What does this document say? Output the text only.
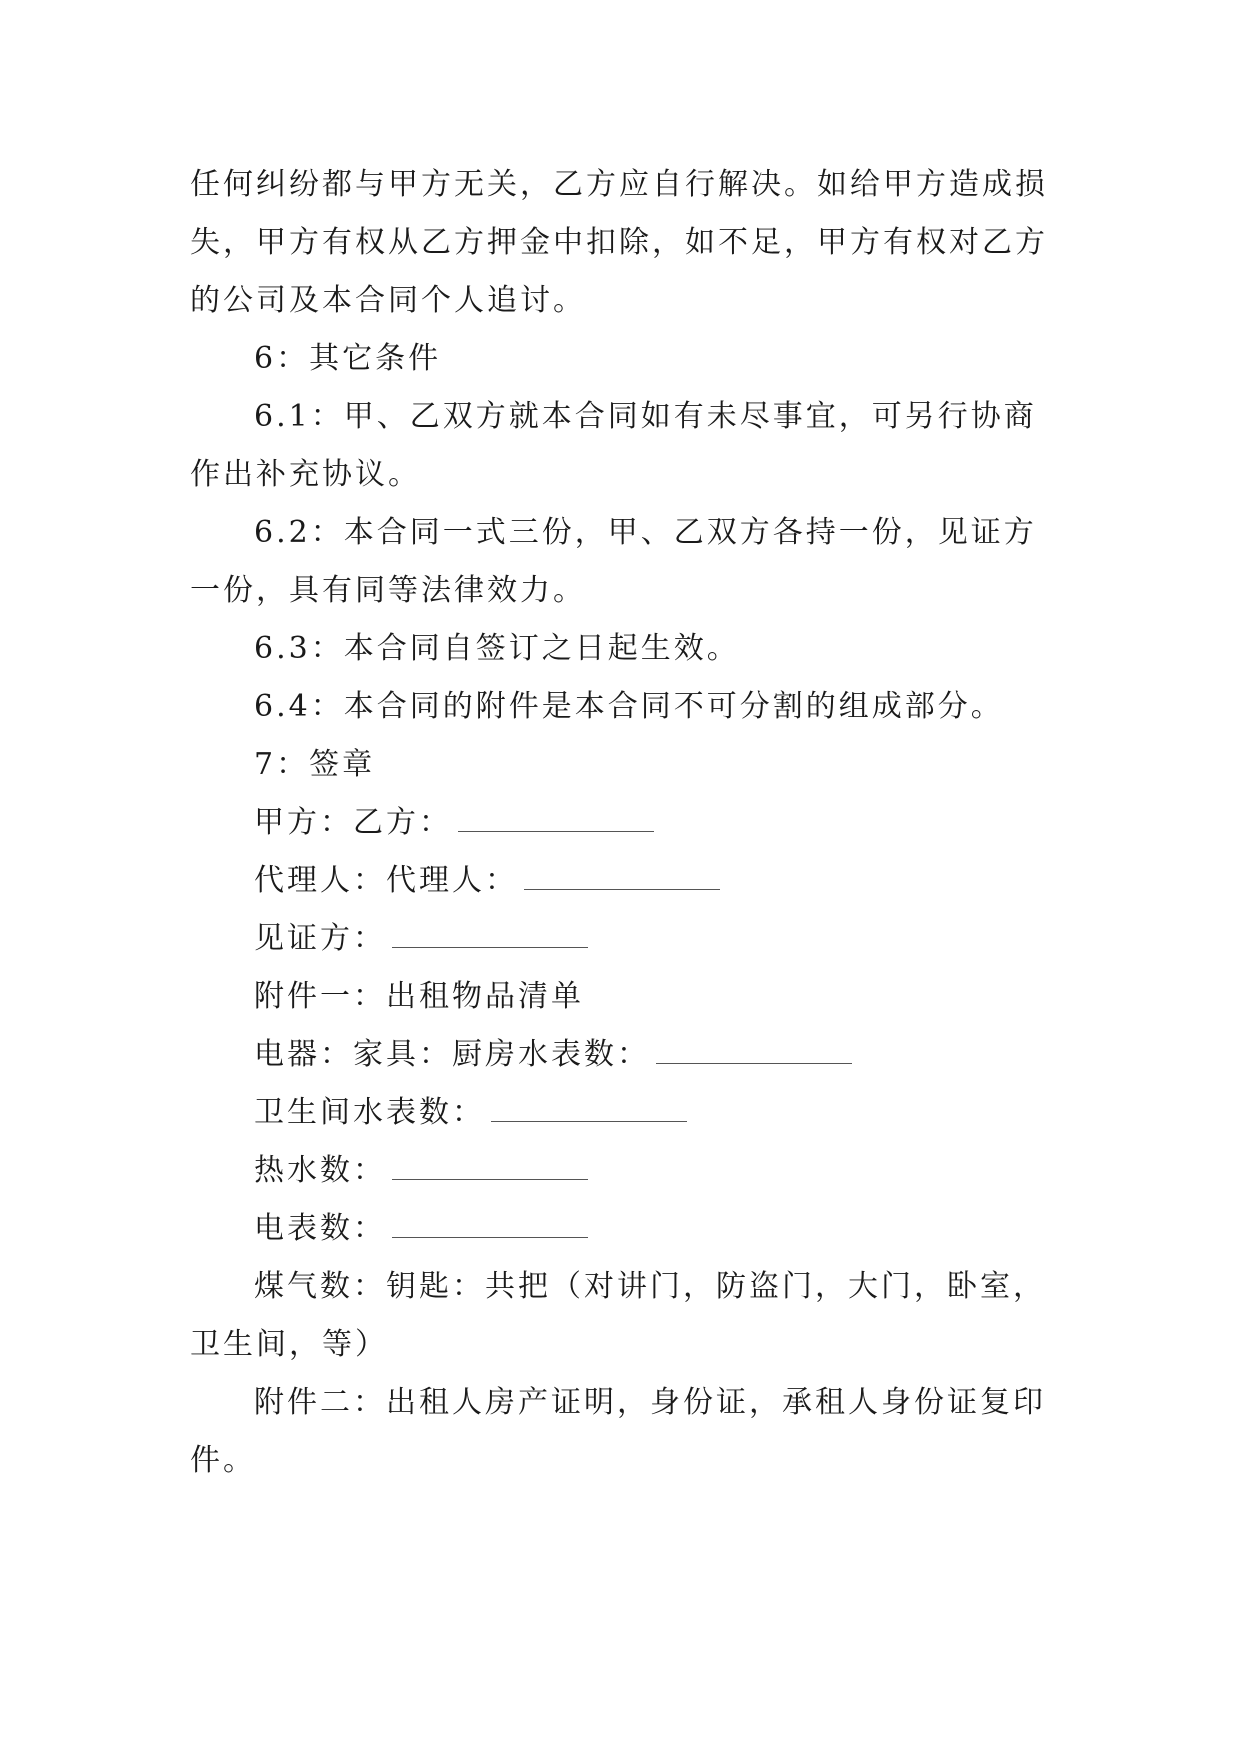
任何纠纷都与甲方无关，乙方应自行解决。如给甲方造成损
失，甲方有权从乙方押金中扣除，如不足，甲方有权对乙方
的公司及本合同个人追讨。
6：其它条件
6.1：甲、乙双方就本合同如有未尽事宜，可另行协商
作出补充协议。
6.2：本合同一式三份，甲、乙双方各持一份，见证方
一份，具有同等法律效力。
6.3：本合同自签订之日起生效。
6.4：本合同的附件是本合同不可分割的组成部分。
7：签章
甲方：乙方：
代理人：代理人：
见证方：
附件一：出租物品清单
电器：家具：厨房水表数：
卫生间水表数：
热水数：
电表数：
煤气数：钥匙：共把（对讲门，防盗门，大门，卧室，
卫生间，等）
附件二：出租人房产证明，身份证，承租人身份证复印
件。
